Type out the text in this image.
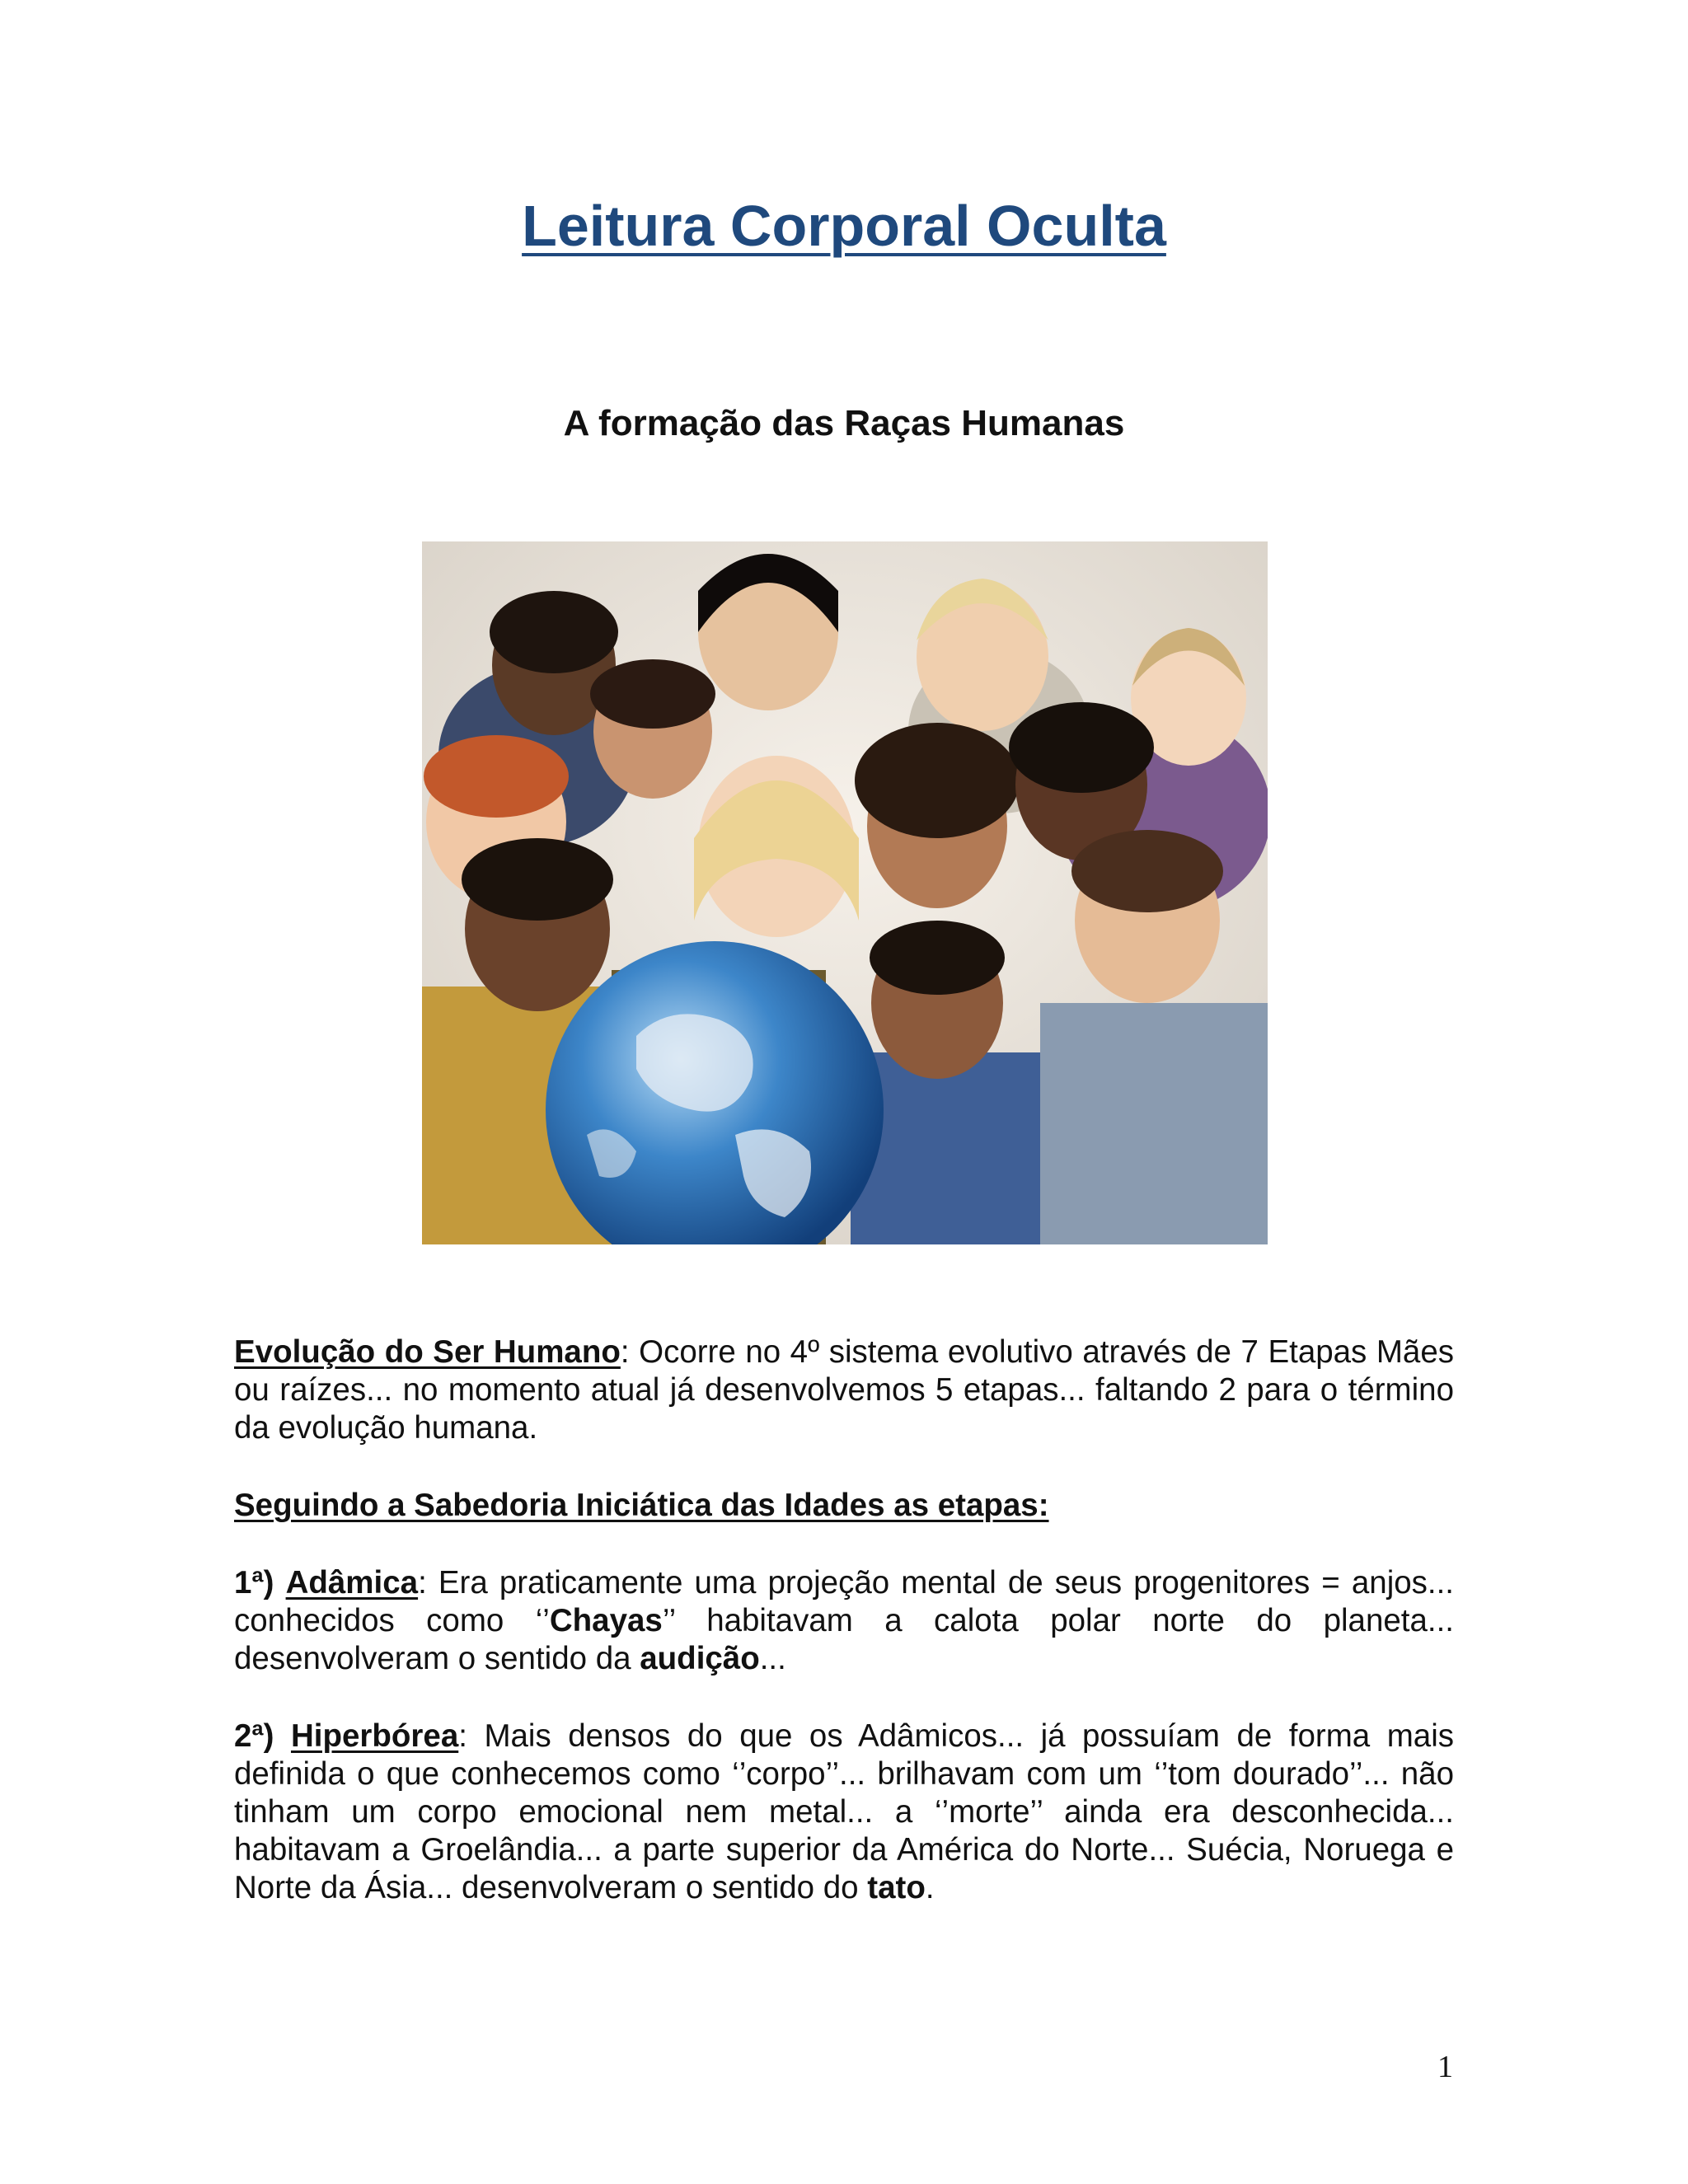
Leitura Corporal Oculta
A formação das Raças Humanas

Evolução do Ser Humano: Ocorre no 4º sistema evolutivo através de 7 Etapas Mães ou raízes... no momento atual já desenvolvemos 5 etapas... faltando 2 para o término da evolução humana.

Seguindo a Sabedoria Iniciática das Idades as etapas:

1ª) Adâmica: Era praticamente uma projeção mental de seus progenitores = anjos... conhecidos como ‘’Chayas’’ habitavam a calota polar norte do planeta... desenvolveram o sentido da audição...

2ª) Hiperbórea: Mais densos do que os Adâmicos... já possuíam de forma mais definida o que conhecemos como ‘’corpo’’... brilhavam com um ‘’tom dourado’’... não tinham um corpo emocional nem metal... a ‘’morte’’ ainda era desconhecida... habitavam a Groelândia... a parte superior da América do Norte... Suécia, Noruega e Norte da Ásia... desenvolveram o sentido do tato.

1
